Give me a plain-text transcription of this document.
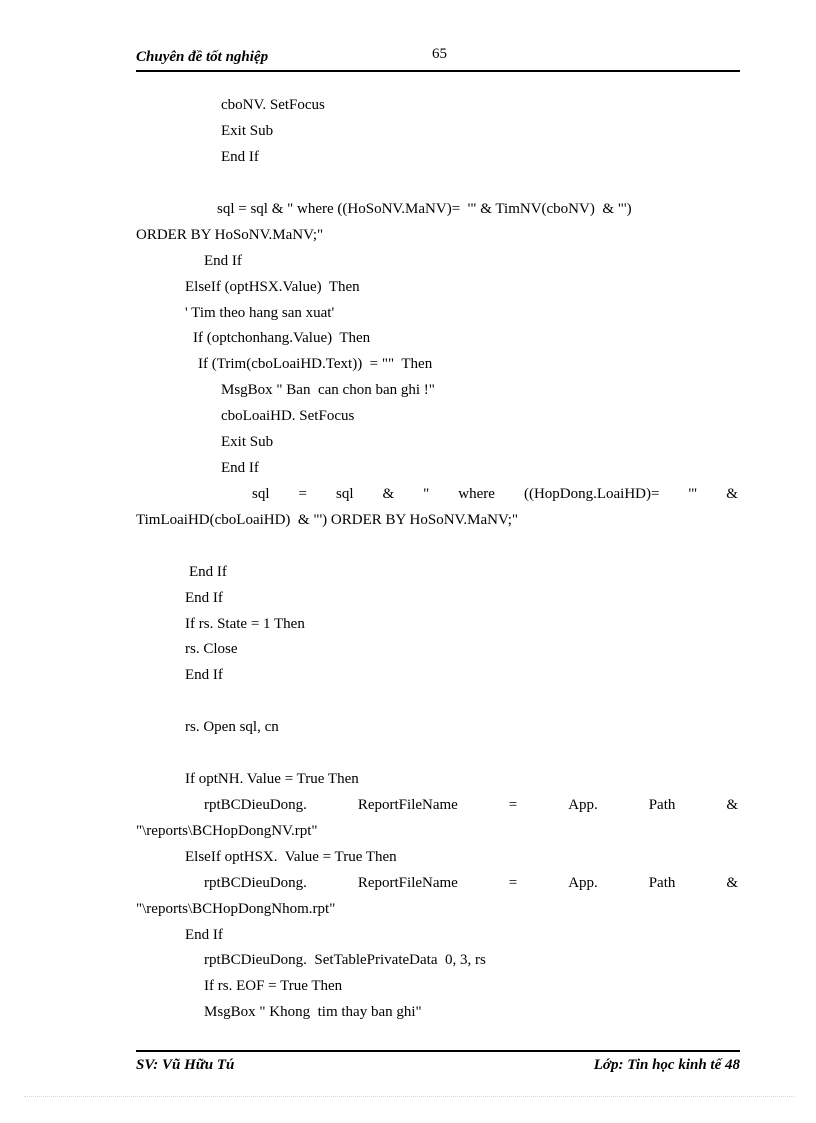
Chuyên đề tốt nghiệp	65
cboNV. SetFocus
Exit Sub
End If
sql = sql & " where ((HoSoNV.MaNV)=  '" & TimNV(cboNV)  & "')
ORDER BY HoSoNV.MaNV;"
End If
ElseIf (optHSX.Value)  Then
' Tim theo hang san xuat'
If (optchonhang.Value)  Then
If (Trim(cboLoaiHD.Text))  = ""  Then
MsgBox " Ban  can chon ban ghi !"
cboLoaiHD. SetFocus
Exit Sub
End If
sql = sql & " where ((HopDong.LoaiHD)= '" &
TimLoaiHD(cboLoaiHD)  & "') ORDER BY HoSoNV.MaNV;"
End If
End If
If rs. State = 1 Then
rs. Close
End If
rs. Open sql, cn
If optNH. Value = True Then
rptBCDieuDong.	ReportFileName	=	App.	Path	&
"\reports\BCHopDongNV.rpt"
ElseIf optHSX.  Value = True Then
rptBCDieuDong.	ReportFileName	=	App.	Path	&
"\reports\BCHopDongNhom.rpt"
End If
rptBCDieuDong.  SetTablePrivateData  0, 3, rs
If rs. EOF = True Then
MsgBox " Khong  tim thay ban ghi"
SV: Vũ Hữu Tú	Lớp: Tin học kinh tế 48
